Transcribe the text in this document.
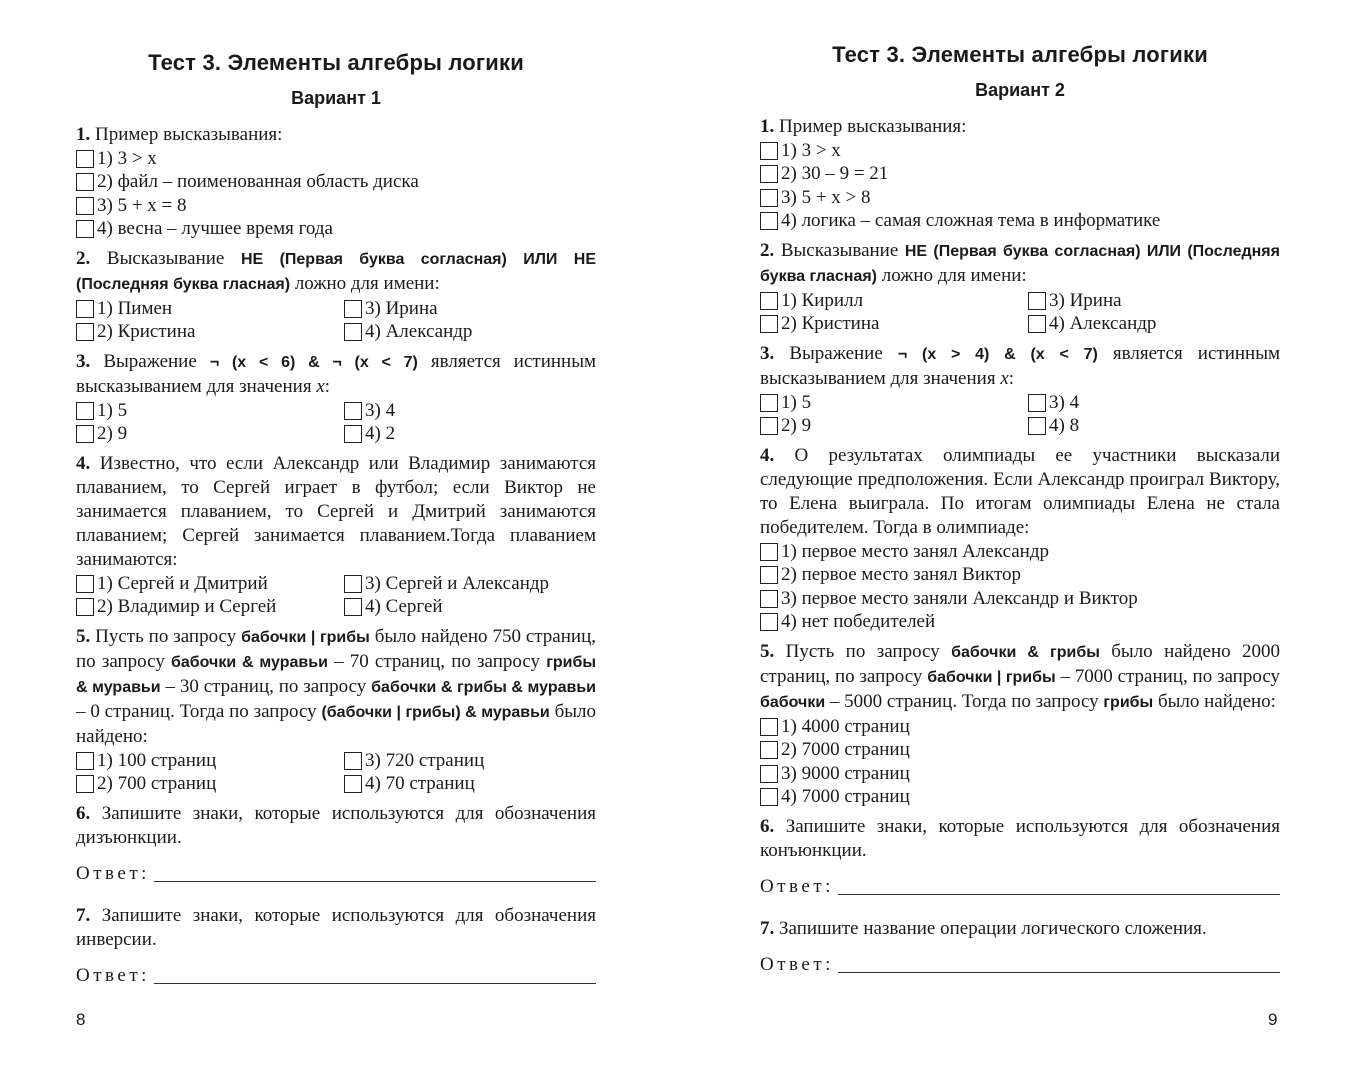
Тест 3. Элементы алгебры логики
Вариант 1
1. Пример высказывания:
1) 3 > x
2) файл – поименованная область диска
3) 5 + x = 8
4) весна – лучшее время года
2. Высказывание НЕ (Первая буква согласная) ИЛИ НЕ (Последняя буква гласная) ложно для имени:
1) Пимен	3) Ирина
2) Кристина	4) Александр
3. Выражение ¬ (x < 6) & ¬ (x < 7) является истинным высказыванием для значения x:
1) 5	3) 4
2) 9	4) 2
4. Известно, что если Александр или Владимир занимаются плаванием, то Сергей играет в футбол; если Виктор не занимается плаванием, то Сергей и Дмитрий занимаются плаванием; Сергей занимается плаванием.Тогда плаванием занимаются:
1) Сергей и Дмитрий	3) Сергей и Александр
2) Владимир и Сергей	4) Сергей
5. Пусть по запросу бабочки | грибы было найдено 750 страниц, по запросу бабочки & муравьи – 70 страниц, по запросу грибы & муравьи – 30 страниц, по запросу бабочки & грибы & муравьи – 0 страниц. Тогда по запросу (бабочки | грибы) & муравьи было найдено:
1) 100 страниц	3) 720 страниц
2) 700 страниц	4) 70 страниц
6. Запишите знаки, которые используются для обозначения дизъюнкции.
Ответ:
7. Запишите знаки, которые используются для обозначения инверсии.
Ответ:
8
Тест 3. Элементы алгебры логики
Вариант 2
1. Пример высказывания:
1) 3 > x
2) 30 – 9 = 21
3) 5 + x > 8
4) логика – самая сложная тема в информатике
2. Высказывание НЕ (Первая буква согласная) ИЛИ (Последняя буква гласная) ложно для имени:
1) Кирилл	3) Ирина
2) Кристина	4) Александр
3. Выражение ¬ (x > 4) & (x < 7) является истинным высказыванием для значения x:
1) 5	3) 4
2) 9	4) 8
4. О результатах олимпиады ее участники высказали следующие предположения. Если Александр проиграл Виктору, то Елена выиграла. По итогам олимпиады Елена не стала победителем. Тогда в олимпиаде:
1) первое место занял Александр
2) первое место занял Виктор
3) первое место заняли Александр и Виктор
4) нет победителей
5. Пусть по запросу бабочки & грибы было найдено 2000 страниц, по запросу бабочки | грибы – 7000 страниц, по запросу бабочки – 5000 страниц. Тогда по запросу грибы было найдено:
1) 4000 страниц
2) 7000 страниц
3) 9000 страниц
4) 7000 страниц
6. Запишите знаки, которые используются для обозначения конъюнкции.
Ответ:
7. Запишите название операции логического сложения.
Ответ:
9
